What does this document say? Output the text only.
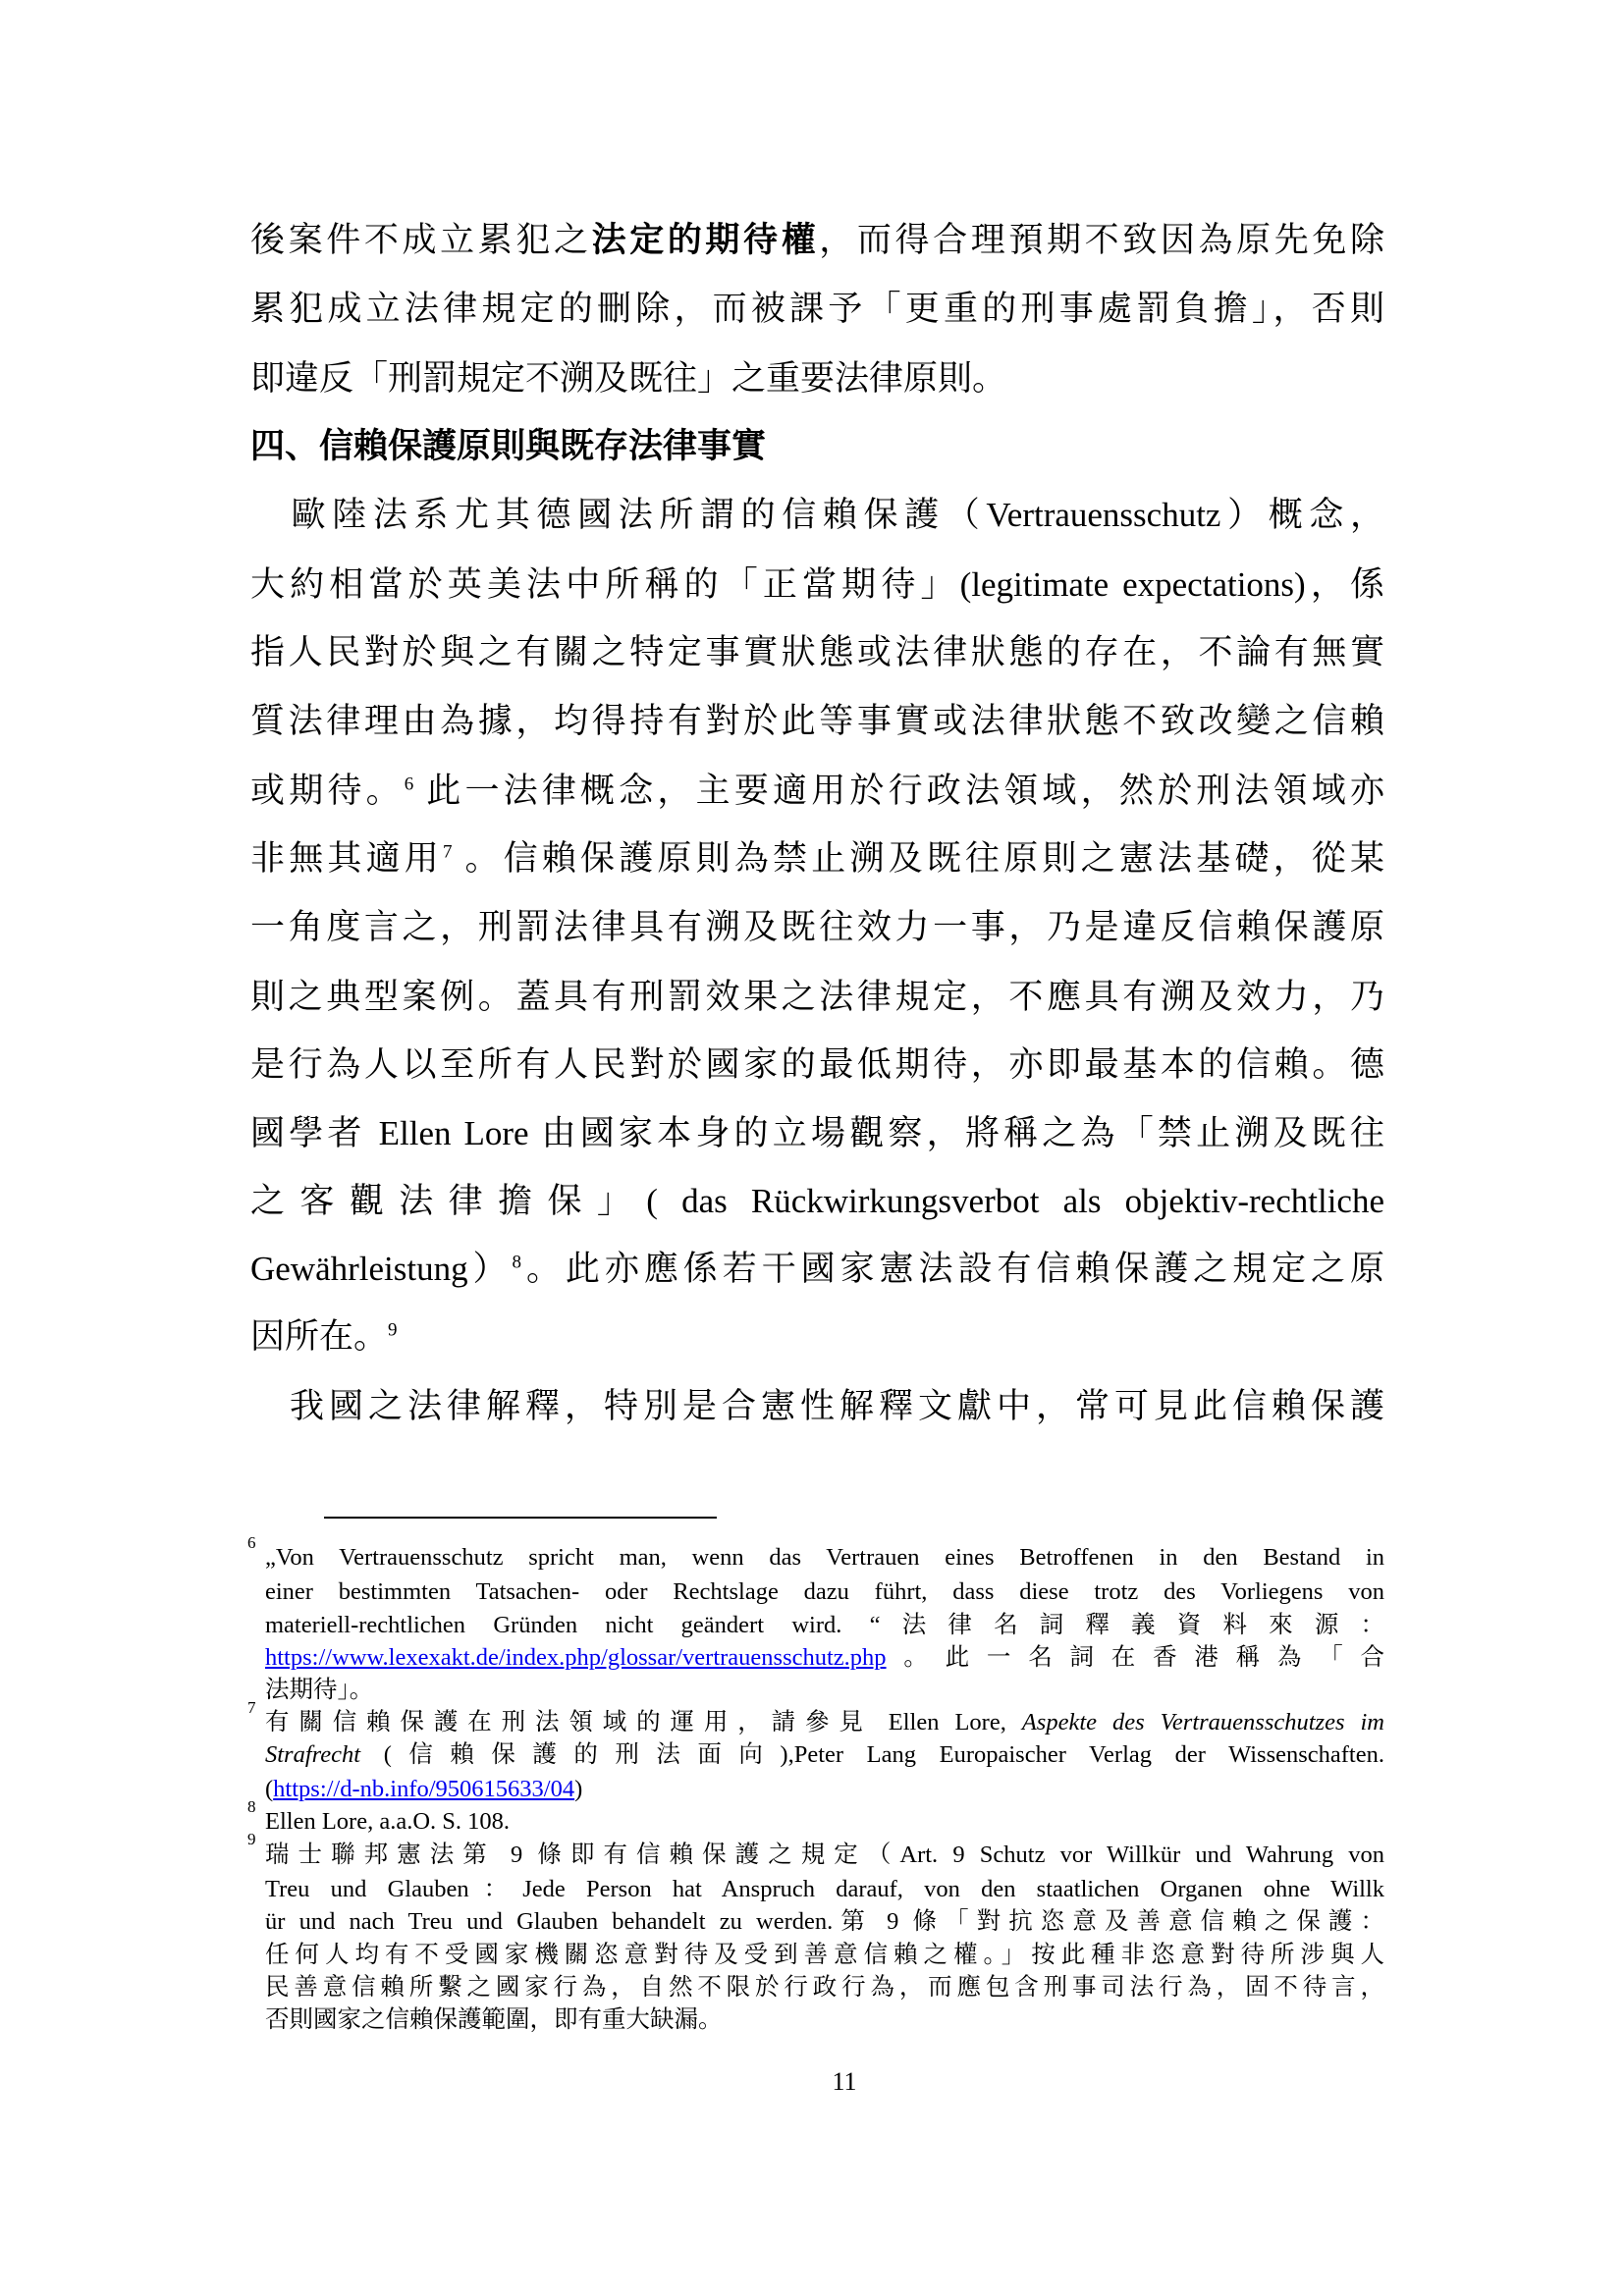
後案件不成立累犯之法定的期待權，而得合理預期不致因為原先免除
累犯成立法律規定的刪除，而被課予「更重的刑事處罰負擔」，否則
即違反「刑罰規定不溯及既往」之重要法律原則。
四、信賴保護原則與既存法律事實
　歐陸法系尤其德國法所謂的信賴保護（Vertrauensschutz）概念，
大約相當於英美法中所稱的「正當期待」(legitimate expectations)，係
指人民對於與之有關之特定事實狀態或法律狀態的存在，不論有無實
質法律理由為據，均得持有對於此等事實或法律狀態不致改變之信賴
或期待。$^6$ 此一法律概念，主要適用於行政法領域，然於刑法領域亦
非無其適用$^7$ 。信賴保護原則為禁止溯及既往原則之憲法基礎，從某
一角度言之，刑罰法律具有溯及既往效力一事，乃是違反信賴保護原
則之典型案例。蓋具有刑罰效果之法律規定，不應具有溯及效力，乃
是行為人以至所有人民對於國家的最低期待，亦即最基本的信賴。德
國學者 Ellen Lore 由國家本身的立場觀察，將稱之為「禁止溯及既往
之客觀法律擔保」( das Rückwirkungsverbot als objektiv-rechtliche
Gewährleistung）$^8$。此亦應係若干國家憲法設有信賴保護之規定之原
因所在。$^9$
　我國之法律解釋，特別是合憲性解釋文獻中，常可見此信賴保護
„Von Vertrauensschutz spricht man, wenn das Vertrauen eines Betroffenen in den Bestand in
einer bestimmten Tatsachen- oder Rechtslage dazu führt, dass diese trotz des Vorliegens von
materiell-rechtlichen Gründen nicht geändert wird. “法律名詞釋義資料來源：
https://www.lexexakt.de/index.php/glossar/vertrauensschutz.php。此一名詞在香港稱為「合
法期待」。
有關信賴保護在刑法領域的運用，請參見 Ellen Lore, Aspekte des Vertrauensschutzes im
Strafrecht (信賴保護的刑法面向),Peter Lang Europaischer Verlag der Wissenschaften.
(https://d-nb.info/950615633/04)
Ellen Lore, a.a.O. S. 108.
瑞士聯邦憲法第 9 條即有信賴保護之規定（Art. 9 Schutz vor Willkür und Wahrung von
Treu und Glauben：Jede Person hat Anspruch darauf, von den staatlichen Organen ohne Willk
ür und nach Treu und Glauben behandelt zu werden.第 9 條「對抗恣意及善意信賴之保護：
任何人均有不受國家機關恣意對待及受到善意信賴之權。」按此種非恣意對待所涉與人
民善意信賴所繫之國家行為，自然不限於行政行為，而應包含刑事司法行為，固不待言，
否則國家之信賴保護範圍，即有重大缺漏。
6
7
8
9
11
